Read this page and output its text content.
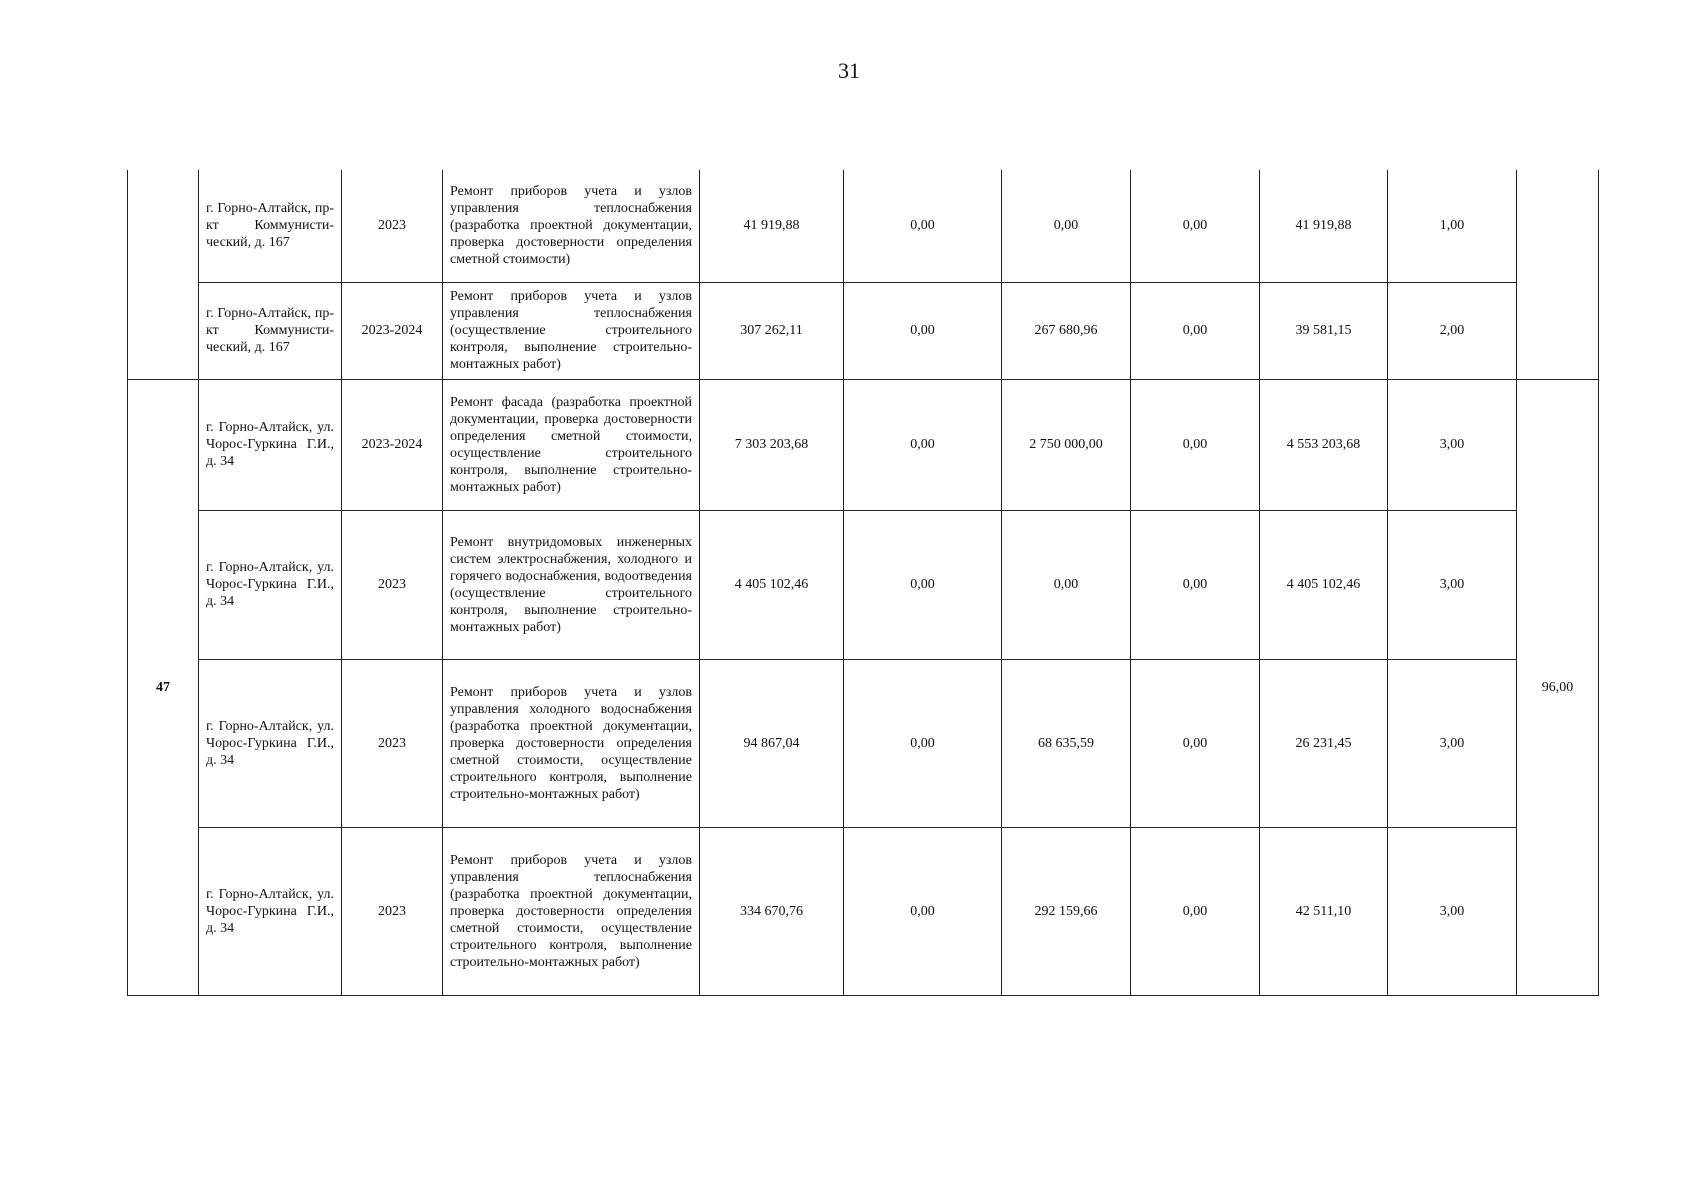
31
	г. Горно-Алтайск, пр-кт Коммунисти-ческий, д. 167	2023	Ремонт приборов учета и узлов управления теплоснабжения (разработка проектной документации, проверка достоверности определения сметной стоимости)	41 919,88	0,00	0,00	0,00	41 919,88	1,00	
	г. Горно-Алтайск, пр-кт Коммунисти-ческий, д. 167	2023-2024	Ремонт приборов учета и узлов управления теплоснабжения (осуществление строительного контроля, выполнение строительно-монтажных работ)	307 262,11	0,00	267 680,96	0,00	39 581,15	2,00	
47	г. Горно-Алтайск, ул. Чорос-Гуркина Г.И., д. 34	2023-2024	Ремонт фасада (разработка проектной документации, проверка достоверности определения сметной стоимости, осуществление строительного контроля, выполнение строительно-монтажных работ)	7 303 203,68	0,00	2 750 000,00	0,00	4 553 203,68	3,00	96,00
	г. Горно-Алтайск, ул. Чорос-Гуркина Г.И., д. 34	2023	Ремонт внутридомовых инженерных систем электроснабжения, холодного и горячего водоснабжения, водоотведения (осуществление строительного контроля, выполнение строительно-монтажных работ)	4 405 102,46	0,00	0,00	0,00	4 405 102,46	3,00	
	г. Горно-Алтайск, ул. Чорос-Гуркина Г.И., д. 34	2023	Ремонт приборов учета и узлов управления холодного водоснабжения (разработка проектной документации, проверка достоверности определения сметной стоимости, осуществление строительного контроля, выполнение строительно-монтажных работ)	94 867,04	0,00	68 635,59	0,00	26 231,45	3,00	
	г. Горно-Алтайск, ул. Чорос-Гуркина Г.И., д. 34	2023	Ремонт приборов учета и узлов управления теплоснабжения (разработка проектной документации, проверка достоверности определения сметной стоимости, осуществление строительного контроля, выполнение строительно-монтажных работ)	334 670,76	0,00	292 159,66	0,00	42 511,10	3,00	
